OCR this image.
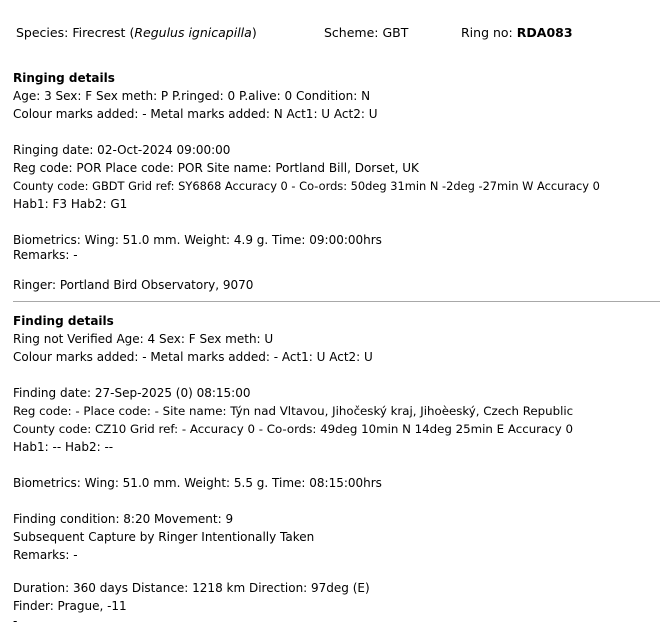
Species: Firecrest (Regulus ignicapilla)	Scheme: GBT	Ring no: RDA083
Ringing details
Age: 3 Sex: F Sex meth: P P.ringed: 0 P.alive: 0 Condition: N
Colour marks added: - Metal marks added: N Act1: U Act2: U
Ringing date: 02-Oct-2024 09:00:00
Reg code: POR Place code: POR Site name: Portland Bill, Dorset, UK
County code: GBDT Grid ref: SY6868 Accuracy 0 - Co-ords: 50deg 31min N -2deg -27min W Accuracy 0
Hab1: F3 Hab2: G1
Biometrics: Wing: 51.0 mm. Weight: 4.9 g. Time: 09:00:00hrs
Remarks: -
Ringer: Portland Bird Observatory, 9070
Finding details
Ring not Verified Age: 4 Sex: F Sex meth: U
Colour marks added: - Metal marks added: - Act1: U Act2: U
Finding date: 27-Sep-2025 (0) 08:15:00
Reg code: - Place code: - Site name: Týn nad Vltavou, Jihočeský kraj, Jihoèeský, Czech Republic
County code: CZ10 Grid ref: - Accuracy 0 - Co-ords: 49deg 10min N 14deg 25min E Accuracy 0
Hab1: -- Hab2: --
Biometrics: Wing: 51.0 mm. Weight: 5.5 g. Time: 08:15:00hrs
Finding condition: 8:20 Movement: 9
Subsequent Capture by Ringer Intentionally Taken
Remarks: -
Duration: 360 days Distance: 1218 km Direction: 97deg (E)
Finder: Prague, -11
-
